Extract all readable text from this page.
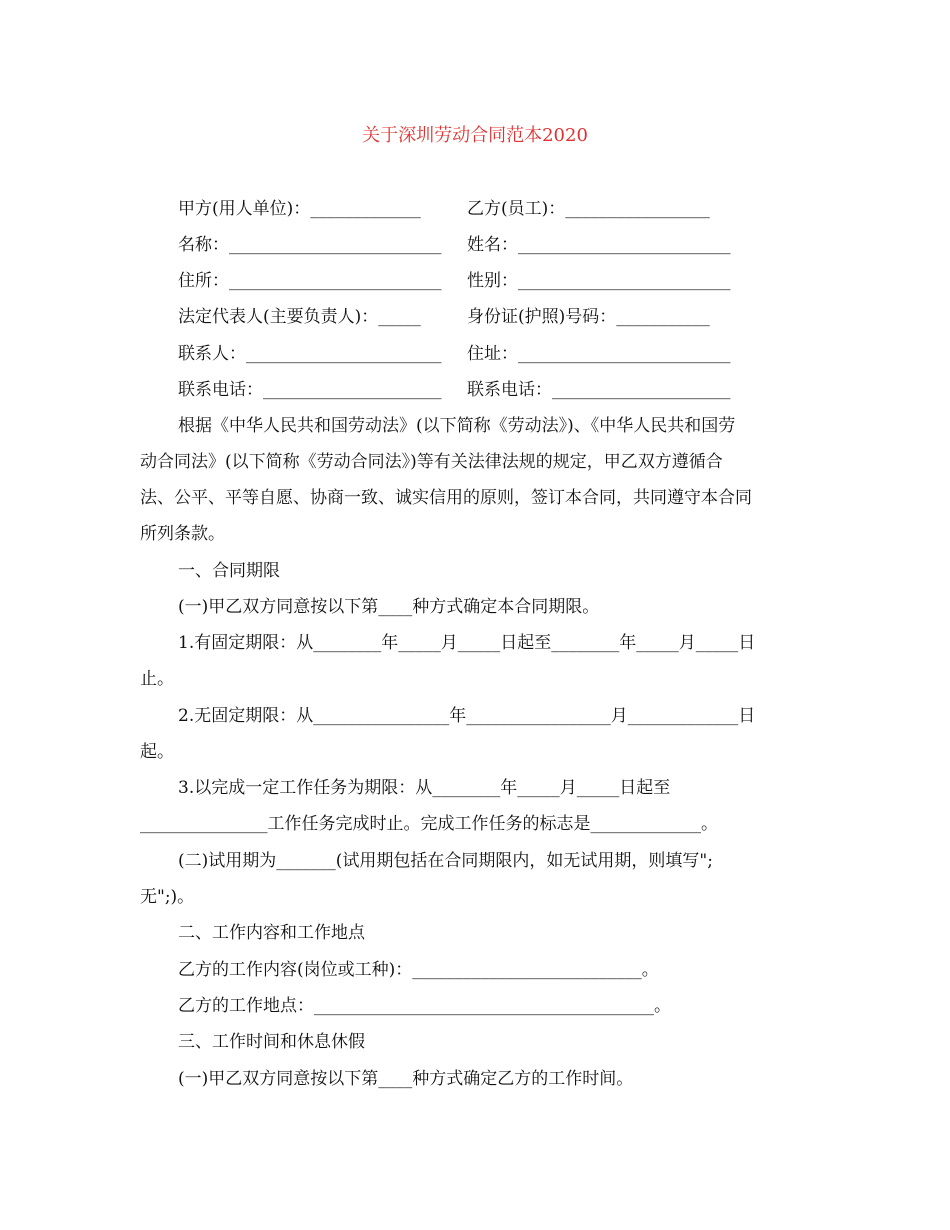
关于深圳劳动合同范本2020
甲方(用人单位)：_____________	乙方(员工)：_________________
名称：_________________________ 姓名：_________________________
住所：_________________________ 性别：_________________________
法定代表人(主要负责人)：_____	身份证(护照)号码：___________
联系人：_______________________ 住址：_________________________
联系电话：_____________________ 联系电话：_____________________
根据《中华人民共和国劳动法》(以下简称《劳动法》)、《中华人民共和国劳
动合同法》(以下简称《劳动合同法》)等有关法律法规的规定，甲乙双方遵循合
法、公平、平等自愿、协商一致、诚实信用的原则，签订本合同，共同遵守本合同
所列条款。
一、合同期限
(一)甲乙双方同意按以下第____种方式确定本合同期限。
1.有固定期限：从________年_____月_____日起至________年_____月_____日
止。
2.无固定期限：从________________年_________________月_____________日
起。
3.以完成一定工作任务为期限：从________年_____月_____日起至
_______________工作任务完成时止。完成工作任务的标志是_____________。
(二)试用期为_______(试用期包括在合同期限内，如无试用期，则填写";
无";)。
二、工作内容和工作地点
乙方的工作内容(岗位或工种)：___________________________。
乙方的工作地点：________________________________________。
三、工作时间和休息休假
(一)甲乙双方同意按以下第____种方式确定乙方的工作时间。
